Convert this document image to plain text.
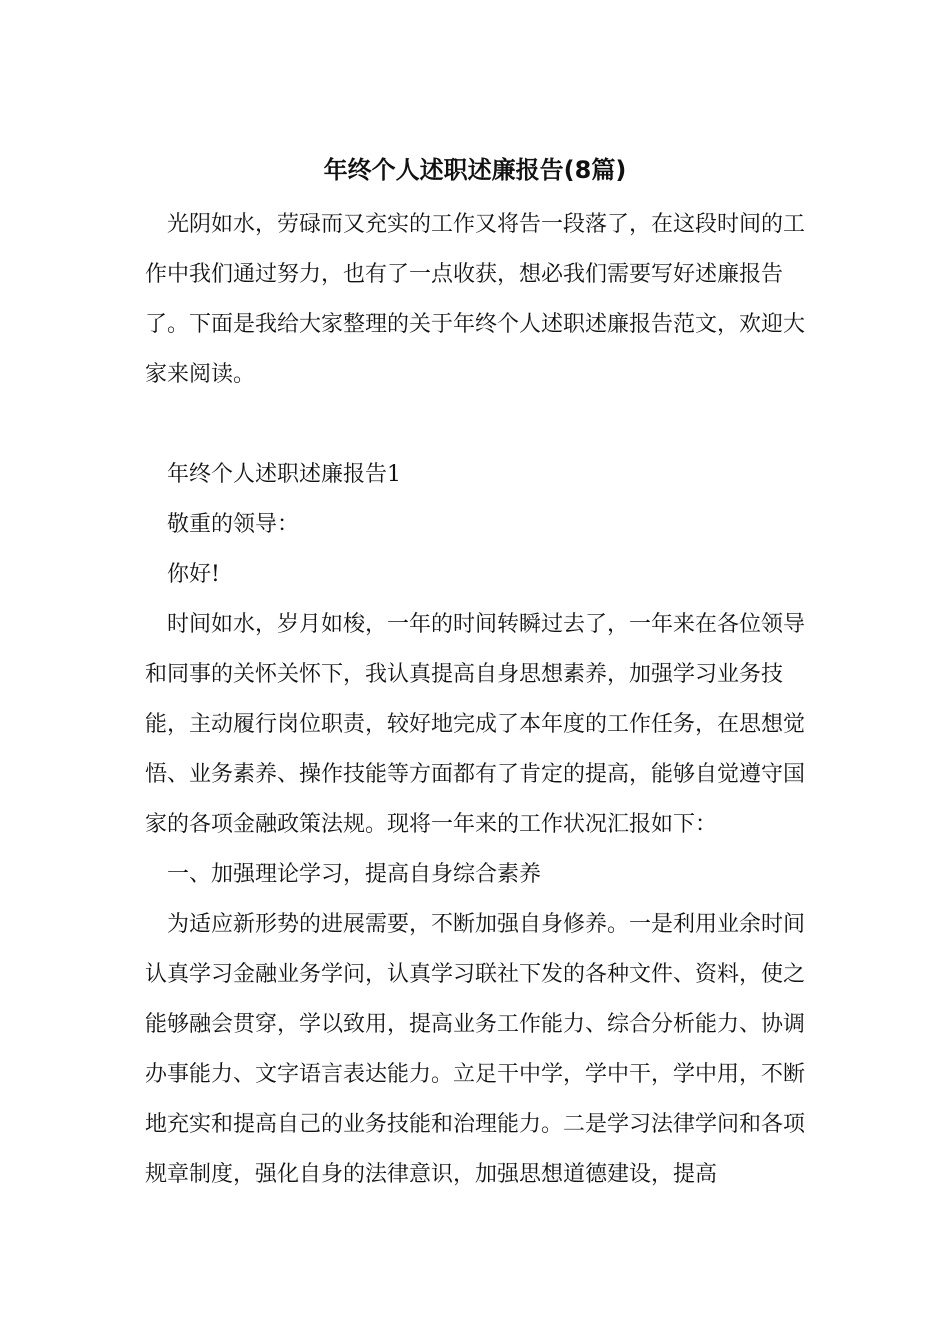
年终个人述职述廉报告(8篇)

光阴如水，劳碌而又充实的工作又将告一段落了，在这段时间的工作中我们通过努力，也有了一点收获，想必我们需要写好述廉报告了。下面是我给大家整理的关于年终个人述职述廉报告范文，欢迎大家来阅读。

年终个人述职述廉报告1

敬重的领导：

你好!

时间如水，岁月如梭，一年的时间转瞬过去了，一年来在各位领导和同事的关怀关怀下，我认真提高自身思想素养，加强学习业务技能，主动履行岗位职责，较好地完成了本年度的工作任务，在思想觉悟、业务素养、操作技能等方面都有了肯定的提高，能够自觉遵守国家的各项金融政策法规。现将一年来的工作状况汇报如下：

一、加强理论学习，提高自身综合素养

为适应新形势的进展需要，不断加强自身修养。一是利用业余时间认真学习金融业务学问，认真学习联社下发的各种文件、资料，使之能够融会贯穿，学以致用，提高业务工作能力、综合分析能力、协调办事能力、文字语言表达能力。立足干中学，学中干，学中用，不断地充实和提高自己的业务技能和治理能力。二是学习法律学问和各项规章制度，强化自身的法律意识，加强思想道德建设，提高
